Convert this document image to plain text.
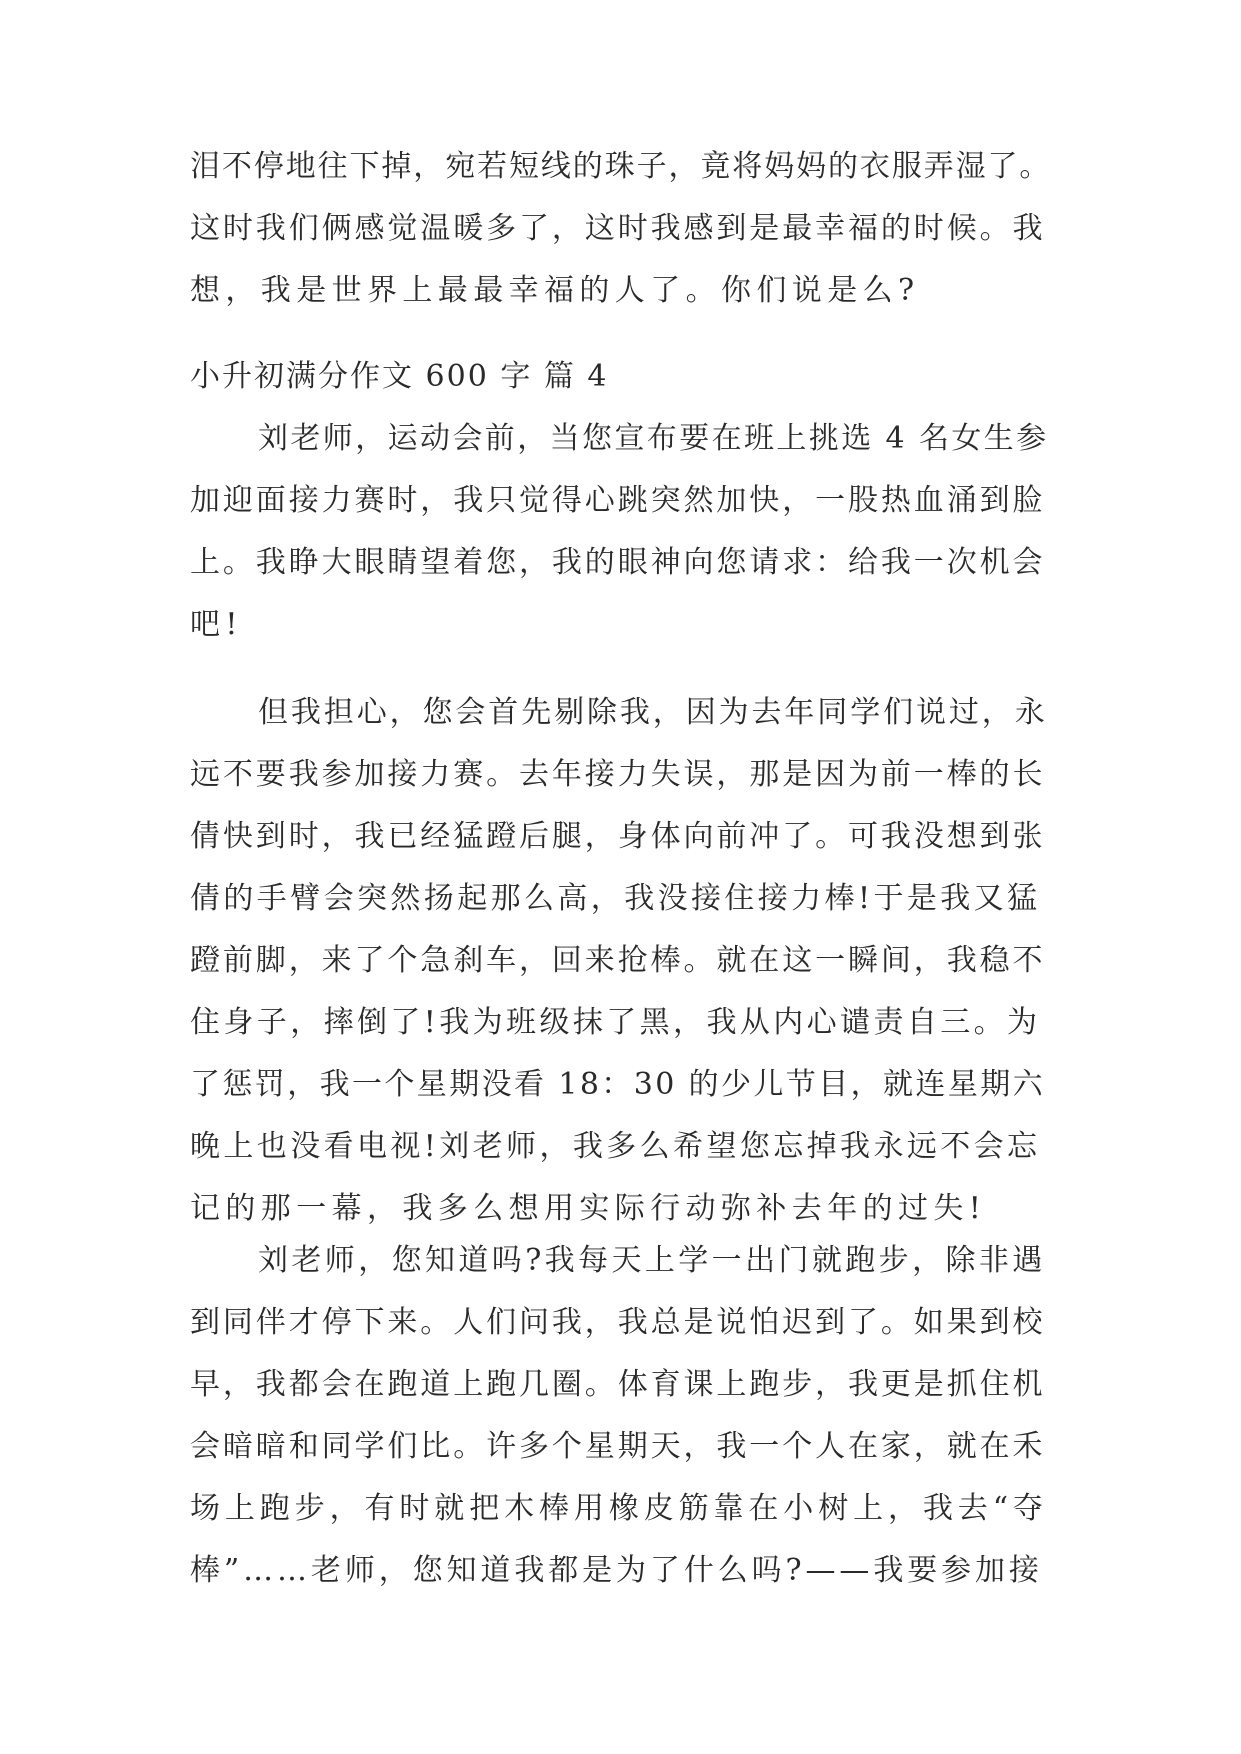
泪不停地往下掉，宛若短线的珠子，竟将妈妈的衣服弄湿了。
这时我们俩感觉温暖多了，这时我感到是最幸福的时候。我
想，我是世界上最最幸福的人了。你们说是么?
小升初满分作文 600 字 篇 4
刘老师，运动会前，当您宣布要在班上挑选 4 名女生参
加迎面接力赛时，我只觉得心跳突然加快，一股热血涌到脸
上。我睁大眼睛望着您，我的眼神向您请求：给我一次机会
吧!
但我担心，您会首先剔除我，因为去年同学们说过，永
远不要我参加接力赛。去年接力失误，那是因为前一棒的长
倩快到时，我已经猛蹬后腿，身体向前冲了。可我没想到张
倩的手臂会突然扬起那么高，我没接住接力棒!于是我又猛
蹬前脚，来了个急刹车，回来抢棒。就在这一瞬间，我稳不
住身子，摔倒了!我为班级抹了黑，我从内心谴责自三。为
了惩罚，我一个星期没看 18：30 的少儿节目，就连星期六
晚上也没看电视!刘老师，我多么希望您忘掉我永远不会忘
记的那一幕，我多么想用实际行动弥补去年的过失!
刘老师，您知道吗?我每天上学一出门就跑步，除非遇
到同伴才停下来。人们问我，我总是说怕迟到了。如果到校
早，我都会在跑道上跑几圈。体育课上跑步，我更是抓住机
会暗暗和同学们比。许多个星期天，我一个人在家，就在禾
场上跑步，有时就把木棒用橡皮筋靠在小树上，我去“夺
棒”……老师，您知道我都是为了什么吗?——我要参加接
